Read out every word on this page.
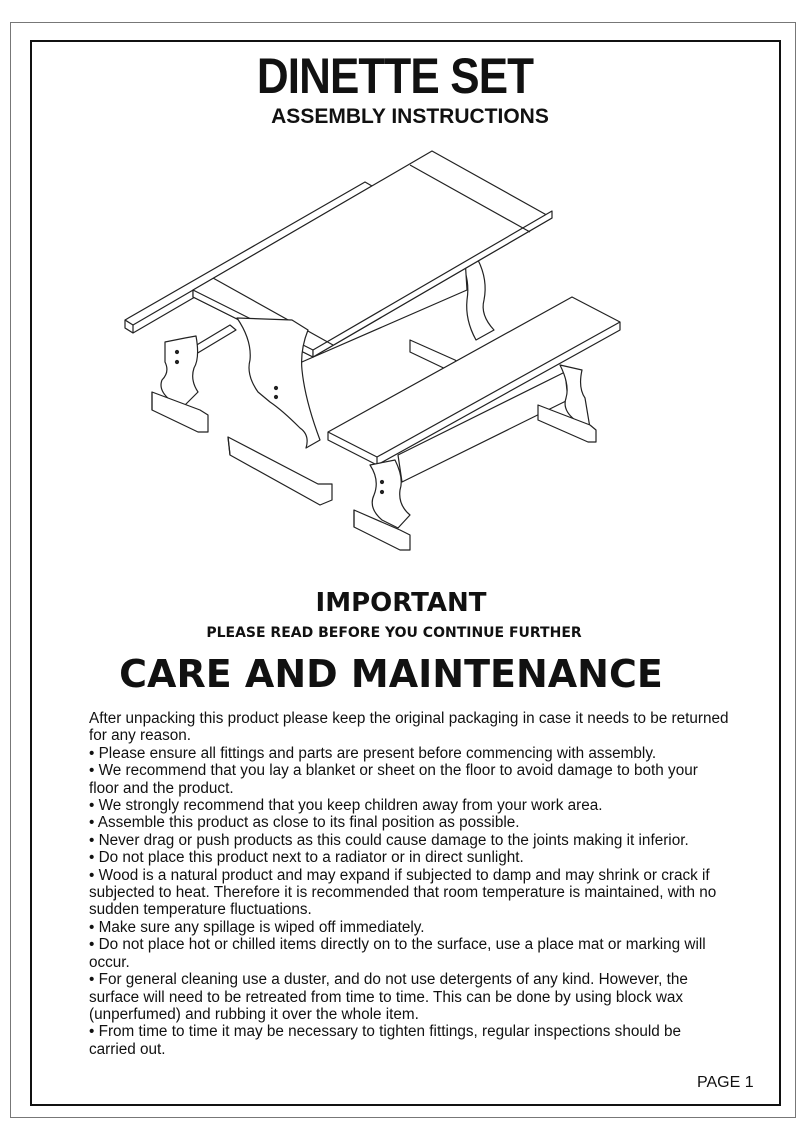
DINETTE SET
ASSEMBLY INSTRUCTIONS
IMPORTANT

PLEASE READ BEFORE YOU CONTINUE FURTHER

CARE AND MAINTENANCE

After unpacking this product please keep the original packaging in case it needs to be returned for any reason.

• Please ensure all fittings and parts are present before commencing with assembly.

• We recommend that you lay a blanket or sheet on the floor to avoid damage to both your floor and the product.

• We strongly recommend that you keep children away from your work area.

• Assemble this product as close to its final position as possible.

• Never drag or push products as this could cause damage to the joints making it inferior.

• Do not place this product next to a radiator or in direct sunlight.

• Wood is a natural product and may expand if subjected to damp and may shrink or crack if subjected to heat. Therefore it is recommended that room temperature is maintained, with no sudden temperature fluctuations.

• Make sure any spillage is wiped off immediately.

• Do not place hot or chilled items directly on to the surface, use a place mat or marking will occur.

• For general cleaning use a duster, and do not use detergents of any kind. However, the surface will need to be retreated from time to time. This can be done by using block wax (unperfumed) and rubbing it over the whole item.

• From time to time it may be necessary to tighten fittings, regular inspections should be carried out.

PAGE 1
